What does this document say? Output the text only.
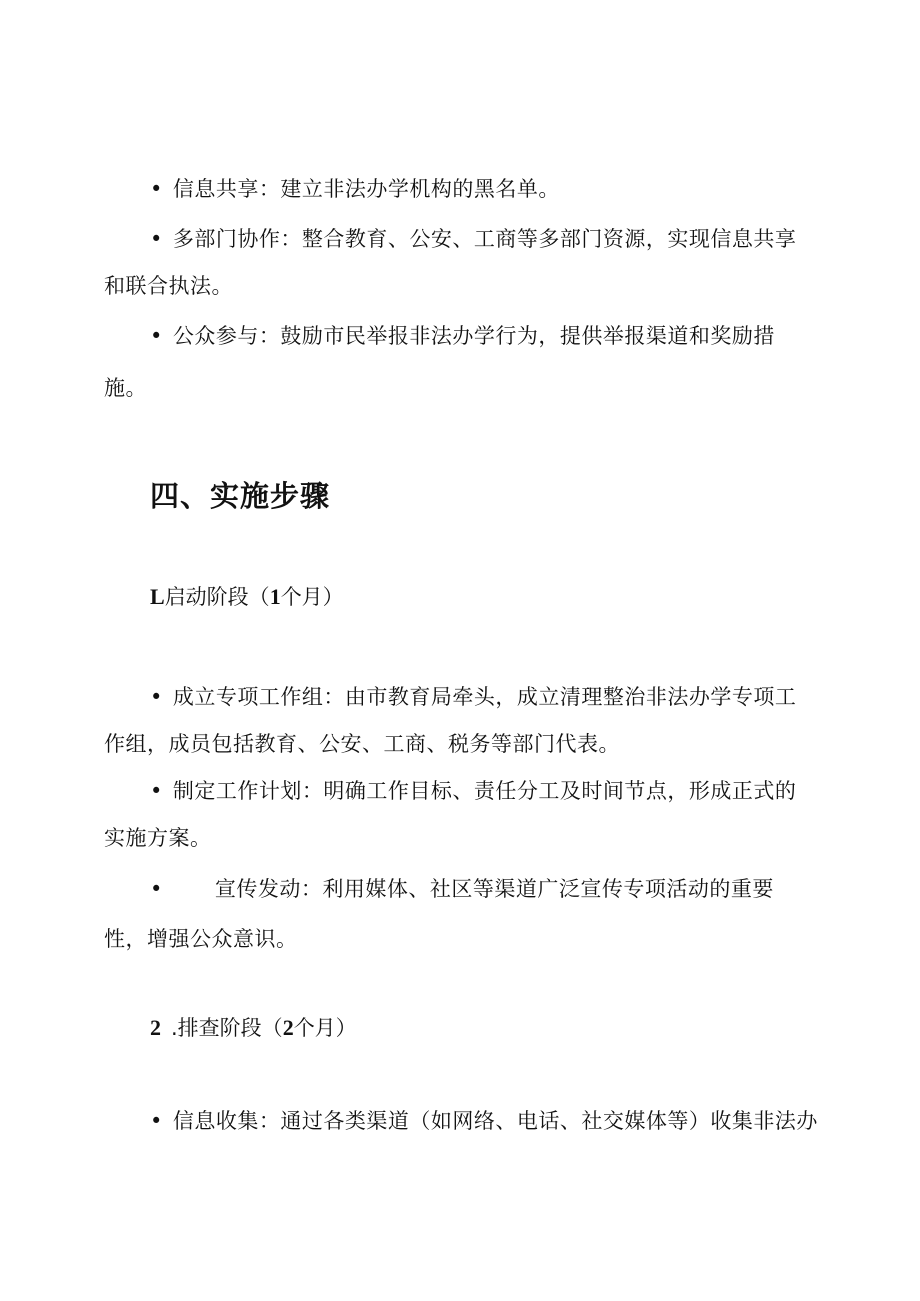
• 信息共享：建立非法办学机构的黑名单。
• 多部门协作：整合教育、公安、工商等多部门资源，实现信息共享
和联合执法。
• 公众参与：鼓励市民举报非法办学行为，提供举报渠道和奖励措
施。
四、实施步骤
L启动阶段（1个月）
• 成立专项工作组：由市教育局牵头，成立清理整治非法办学专项工
作组，成员包括教育、公安、工商、税务等部门代表。
• 制定工作计划：明确工作目标、责任分工及时间节点，形成正式的
实施方案。
• 宣传发动：利用媒体、社区等渠道广泛宣传专项活动的重要
性，增强公众意识。
2 .排查阶段（2个月）
• 信息收集：通过各类渠道（如网络、电话、社交媒体等）收集非法办
